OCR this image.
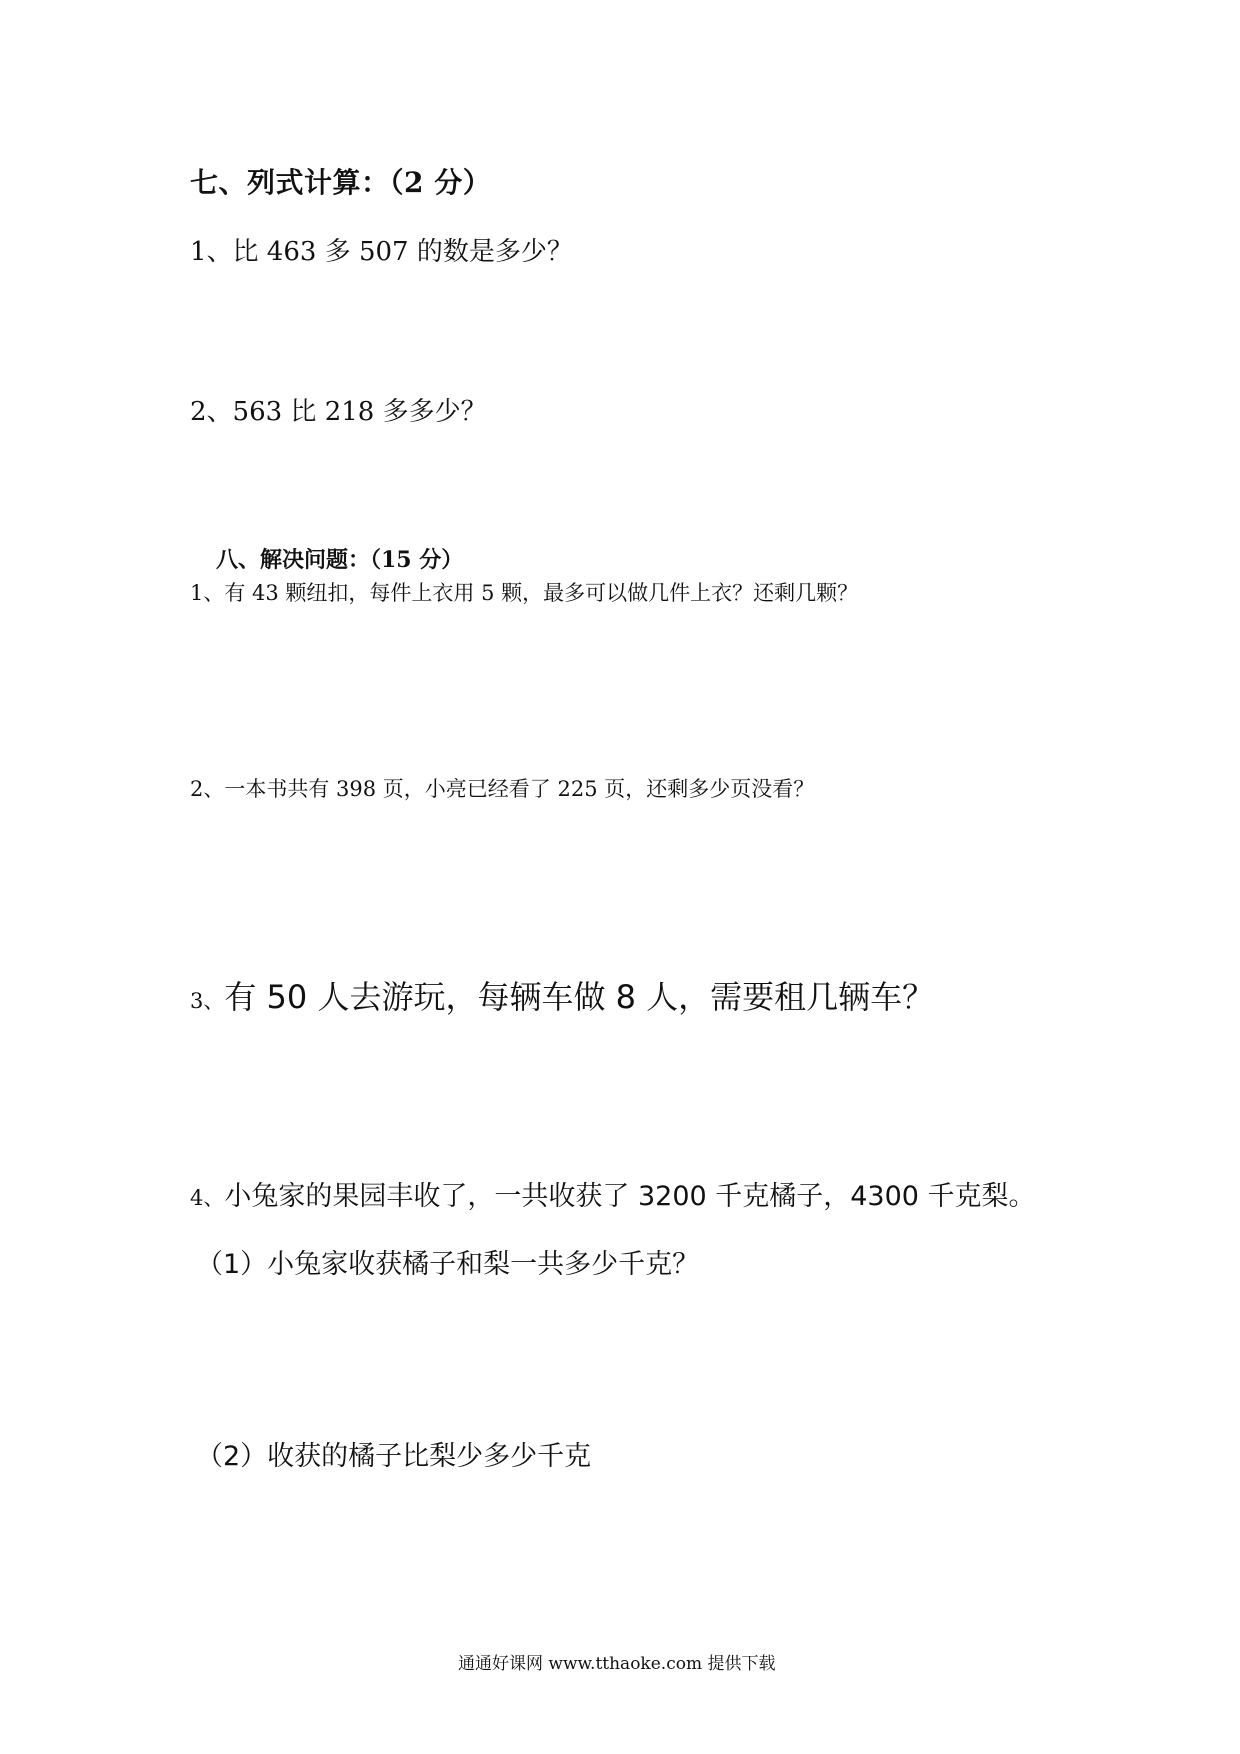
七、列式计算：（2 分）
1、比 463 多 507 的数是多少？
2、563 比 218 多多少？
八、解决问题：（15 分）
1、有 43 颗纽扣，每件上衣用 5 颗，最多可以做几件上衣？还剩几颗？
2、一本书共有 398 页，小亮已经看了 225 页，还剩多少页没看？
3、有 50 人去游玩，每辆车做 8 人，需要租几辆车？
4、小兔家的果园丰收了，一共收获了 3200 千克橘子，4300 千克梨。
（1）小兔家收获橘子和梨一共多少千克？
（2）收获的橘子比梨少多少千克
通通好课网 www.tthaoke.com 提供下载
